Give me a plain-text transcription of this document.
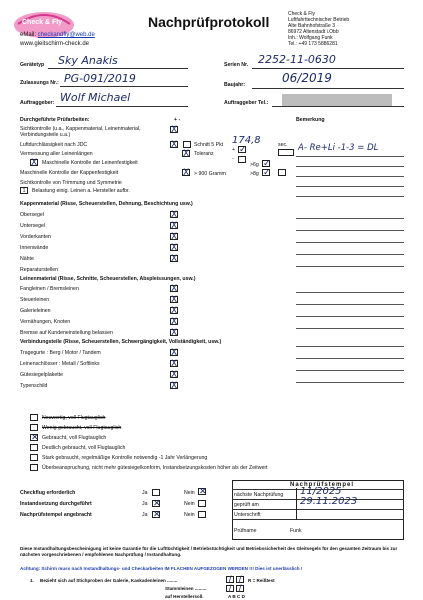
Check & Fly
eMail: checkandfly@web.de
www.gleitschirm-check.de
Nachprüfprotokoll	Check & Fly
Luftfahrttechnischer Betrieb
Alte Bahnhofstraße 3
86972 Altenstadt i.Obb
Inh.: Wolfgang Funk
Tel.: +49 173 5886281
Gerätetyp Sky Anakis	Serien Nr. 2252-11-0630
Zulassungs Nr.: PG-091/2019	Baujahr:	06/2019
Auftraggeber: Wolf Michael	Auftraggeber Tel.:
Durchgeführte Prüfarbeiten:	+ -	Bemerkung
Sichtkontrolle (u.a., Kappenmaterial, Leinenmaterial, Verbindungsteile u.a.)	X
Luftdurchlässigkeit nach JDC	X	Schnitt 5 Pkt 174,8	sec.
Vermessung aller Leinenlängen	X Toleranz
+ ✓
-
A- Re+Li -1-3 = DL
X Maschinelle Kontrolle der Leinenfestigkeit	>6g ✓
Maschinelle Kontrolle der Kappenfestigkeit	X > 900 Gramm	>8g ✓
Sichtkontrolle von Trimmung und Symmetrie
1	Belastung einig. Leinen a. Hersteller aufbr.
Kappenmaterial (Risse, Scheuerstellen, Dehnung, Beschichtung usw.)
Obersegel	X
Untersegel	X
Vorderkanten	X
Innenwände	X
Nähte	X
Reparaturstellen
Leinenmaterial (Risse, Schnitte, Scheuerstellen, Abspleissungen, usw.)
Fangleinen / Bremsleinen	X
Steuerleinen	X
Galerieleinen	X
Vernähungen, Knoten	X
Bremse auf Kundeneinstellung belassen	X
Verbindungsteile (Risse, Scheuerstellen, Schwergängigkeit, Vollständigkeit, usw.)
Tragegurte : Berg / Motor / Tandem	X
Leinenschlösser : Metall / Softlinks	X
Gütesiegelplakette	X
Typenschild	X
Neuwertig, voll Flugtauglich
Wenig gebraucht, voll Flugtauglich
✕ Gebraucht, voll Flugtauglich
Deutlich gebraucht, voll Flugtauglich
Stark gebraucht, regelmäßige Kontrolle notwendig -1 Jahr Verlängerung
Überbeanspruchung, nicht mehr gütesiegelkonform, Instandsetzungskosten höher als der Zeitwert
Checkflug erforderlich	Ja	Nein ✕
Instandsetzung durchgeführt	Ja ✕	Nein
Nachprüfstempel angebracht	Ja ✕	Nein
Nachprüfstempel
nächste Nachprüfung 11/2025
geprüft am	29.11.2023
Unterschrift
Prüfname	Funk
Diese Instandhaltungsbescheinigung ist keine Garantie für die Lufttüchtigkeit / Betriebstüchtigkeit und Betriebssicherheit des Gleitsegels für den gesamten Zeitraum bis zur nächsten vorgeschriebenen / empfohlenen Nachprüfung / Instandhaltung.
Achtung: Schirm muss nach Instandhaltungs- und Checkarbeiten IM FLACHEN AUFGEZOGEN WERDEN !!! Dies ist unerlässlich !
1. Bezieht sich auf Stichproben der Galerie, Kaskadenleinen ........	/ /	R = Reißtest
Stammleinen ......... / /
auf Herstellersoll.	A B C D
